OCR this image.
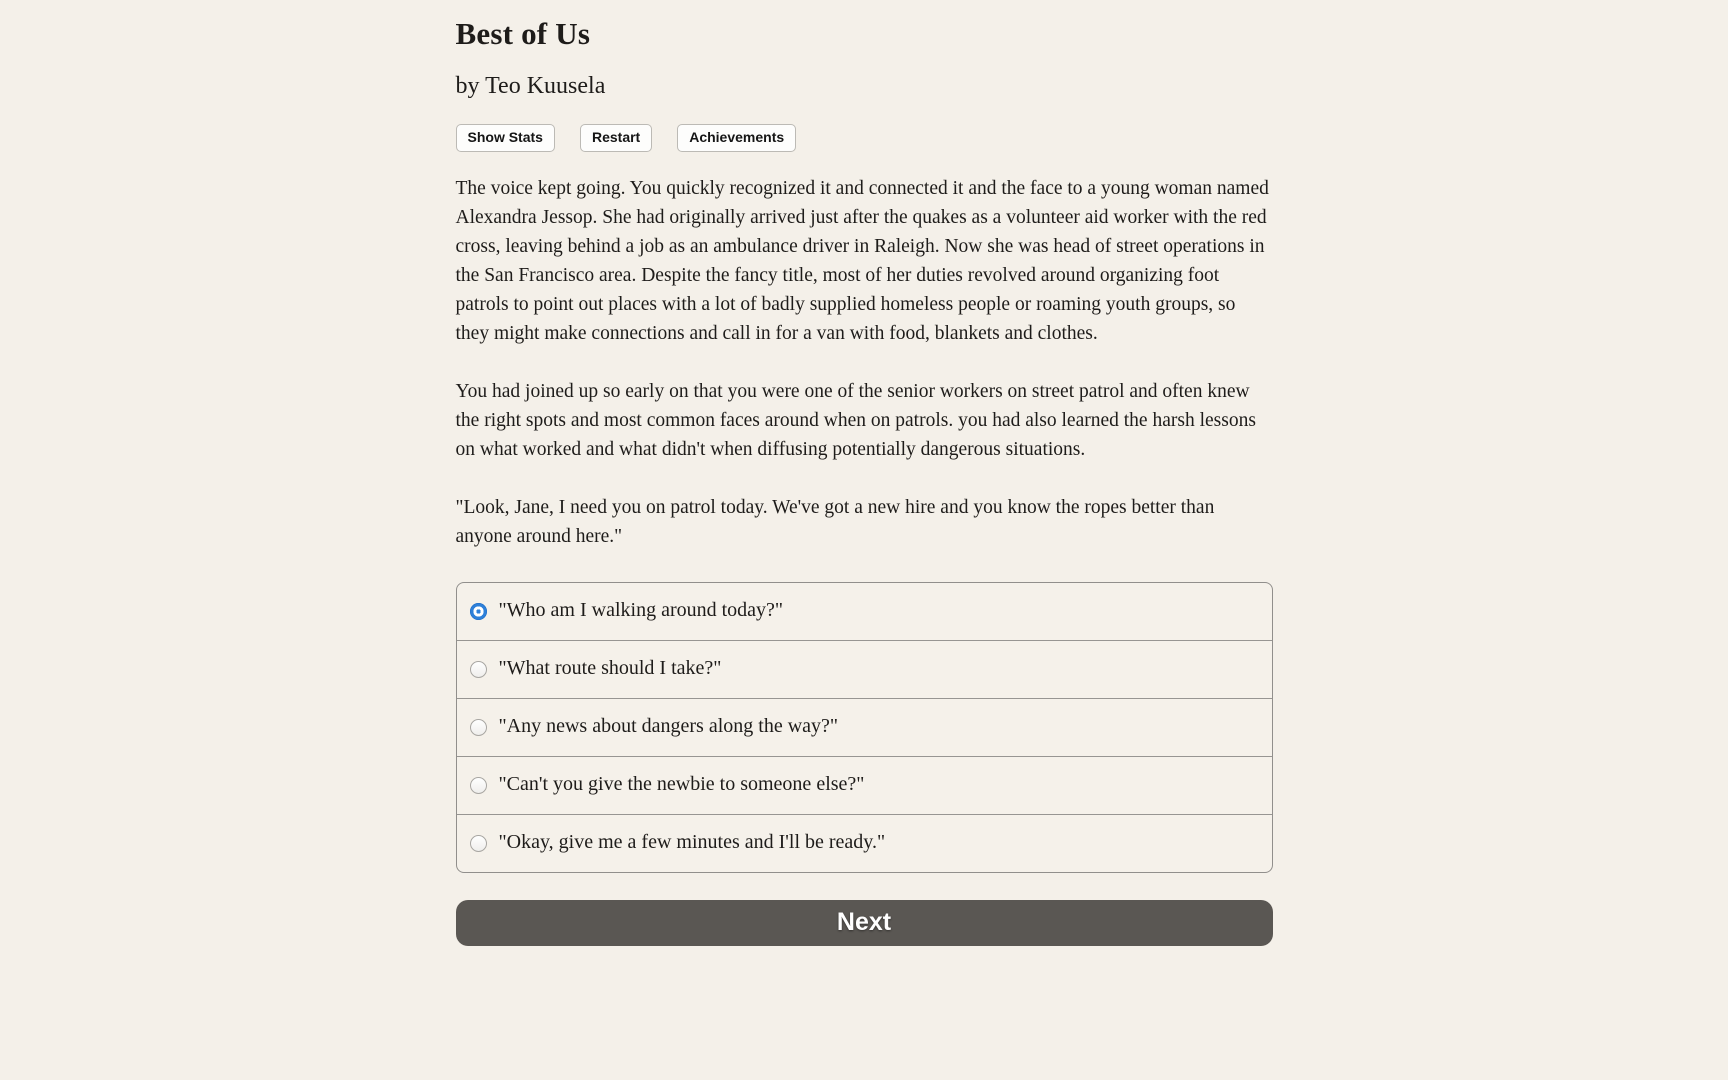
Best of Us
by Teo Kuusela
Show Stats	Restart	Achievements

The voice kept going. You quickly recognized it and connected it and the face to a young woman named Alexandra Jessop. She had originally arrived just after the quakes as a volunteer aid worker with the red cross, leaving behind a job as an ambulance driver in Raleigh. Now she was head of street operations in the San Francisco area. Despite the fancy title, most of her duties revolved around organizing foot patrols to point out places with a lot of badly supplied homeless people or roaming youth groups, so they might make connections and call in for a van with food, blankets and clothes.

You had joined up so early on that you were one of the senior workers on street patrol and often knew the right spots and most common faces around when on patrols. you had also learned the harsh lessons on what worked and what didn't when diffusing potentially dangerous situations.

"Look, Jane, I need you on patrol today. We've got a new hire and you know the ropes better than anyone around here."

"Who am I walking around today?"
"What route should I take?"
"Any news about dangers along the way?"
"Can't you give the newbie to someone else?"
"Okay, give me a few minutes and I'll be ready."
Next
